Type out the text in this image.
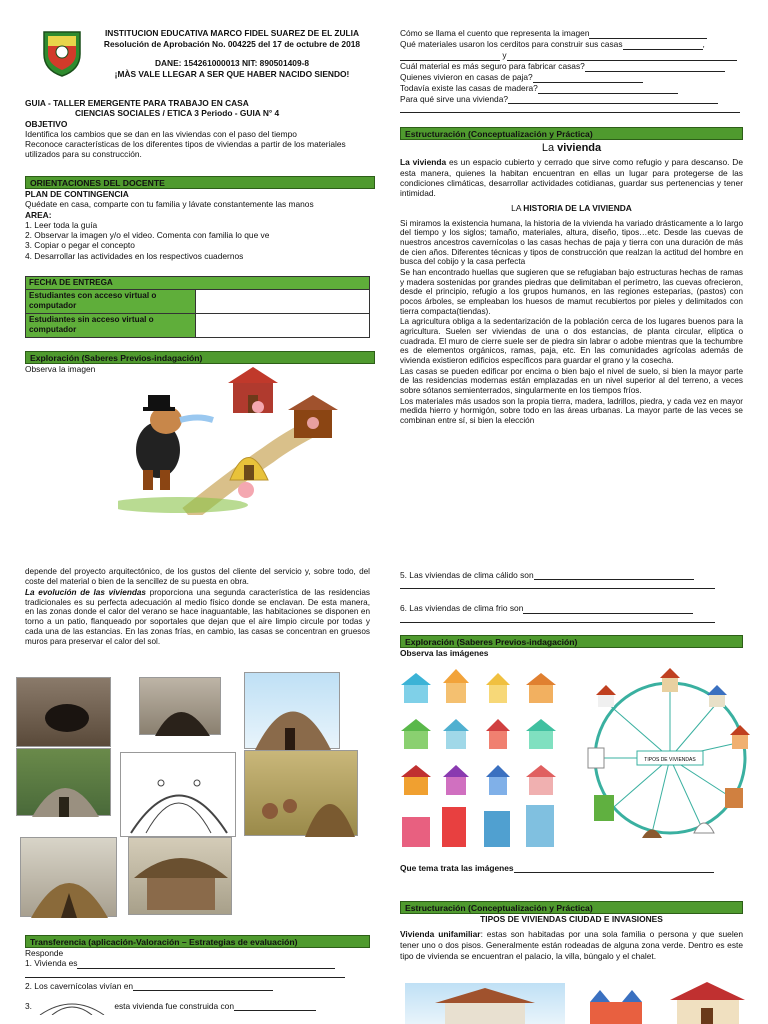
INSTITUCION EDUCATIVA MARCO FIDEL SUAREZ DE EL ZULIA
Resolución de Aprobación No. 004225 del 17 de octubre de 2018
DANE: 154261000013 NIT: 890501409-8
¡MÀS VALE LLEGAR A SER QUE HABER NACIDO SIENDO!
GUIA - TALLER EMERGENTE PARA TRABAJO EN CASA
CIENCIAS SOCIALES / ETICA 3 Periodo - GUIA N° 4
OBJETIVO
Identifica los cambios que se dan en las viviendas con el paso del tiempo
Reconoce características de los diferentes tipos de viviendas a partir de los materiales utilizados para su construcción.
ORIENTACIONES DEL DOCENTE
PLAN DE CONTINGENCIA
Quédate en casa, comparte con tu familia y lávate constantemente las manos
AREA:
1. Leer toda la guía
2. Observar la imagen y/o el video. Comenta con familia lo que ve
3. Copiar o pegar el concepto
4. Desarrollar las actividades en los respectivos cuadernos
FECHA DE ENTREGA	
Estudiantes con acceso virtual o computador	
Estudiantes sin acceso virtual o computador	
Exploración (Saberes Previos-indagación)
Observa la imagen
Cómo se llama el cuento que representa la imagen
Qué materiales usaron los cerditos para construir sus casas	,
y
Cuál material es más seguro para fabricar casas?
Quienes vivieron en casas de paja?
Todavía existe las casas de madera?
Para qué sirve una vivienda?
Estructuración (Conceptualización y Práctica)
La vivienda
La vivienda es un espacio cubierto y cerrado que sirve como refugio y para descanso. De esta manera, quienes la habitan encuentran en ellas un lugar para protegerse de las condiciones climáticas, desarrollar actividades cotidianas, guardar sus pertenencias y tener intimidad.
LA HISTORIA DE LA VIVIENDA

Si miramos la existencia humana, la historia de la vivienda ha variado drásticamente a lo largo del tiempo y los siglos; tamaño, materiales, altura, diseño, tipos…etc. Desde las cuevas de nuestros ancestros cavernícolas o las casas hechas de paja y tierra con una duración de más de cien años. Diferentes técnicas y tipos de construcción que realzan la actitud del hombre en busca del cobijo y la casa perfecta

Se han encontrado huellas que sugieren que se refugiaban bajo estructuras hechas de ramas y madera sostenidas por grandes piedras que delimitaban el perímetro, las cuevas ofrecieron, desde el principio, refugio a los grupos humanos, en las regiones esteparias, (pastos) con pocos árboles, se empleaban los huesos de mamut recubiertos por pieles y delimitados con tierra compacta(tiendas).

La agricultura obliga a la sedentarización de la población cerca de los lugares buenos para la agricultura. Suelen ser viviendas de una o dos estancias, de planta circular, elíptica o cuadrada. El muro de cierre suele ser de piedra sin labrar o adobe mientras que la techumbre es de elementos orgánicos, ramas, paja, etc. En las comunidades agrícolas además de vivienda existieron edificios específicos para guardar el grano y la cosecha.

Las casas se pueden edificar por encima o bien bajo el nivel de suelo, si bien la mayor parte de las residencias modernas están emplazadas en un nivel superior al del terreno, a veces sobre sótanos semienterrados, singularmente en los tiempos fríos.

Los materiales más usados son la propia tierra, madera, ladrillos, piedra, y cada vez en mayor medida hierro y hormigón, sobre todo en las áreas urbanas. La mayor parte de las veces se combinan entre sí, si bien la elección

depende del proyecto arquitectónico, de los gustos del cliente del servicio y, sobre todo, del coste del material o bien de la sencillez de su puesta en obra.

La evolución de las viviendas proporciona una segunda característica de las residencias tradicionales es su perfecta adecuación al medio físico donde se enclavan. De esta manera, en las zonas donde el calor del verano se hace inaguantable, las habitaciones se disponen en torno a un patio, flanqueado por soportales que dejan que el aire limpio circule por todas y cada una de las estancias. En las zonas frías, en cambio, las casas se concentran en gruesos muros para preservar el calor del sol.

Transferencia (aplicación-Valoración – Estrategias de evaluación)
Responde
1. Vivienda es
2. Los cavernícolas vivían en
3.	esta vivienda fue construida con
5. Las viviendas de clima cálido son
6. Las viviendas de clima frio son
Exploración (Saberes Previos-indagación)
Observa las imágenes
TIPOS DE VIVIENDAS
Que tema trata las imágenes
Estructuración (Conceptualización y Práctica)
TIPOS DE VIVIENDAS CIUDAD E INVASIONES
Vivienda unifamiliar: estas son habitadas por una sola familia o persona y que suelen tener uno o dos pisos. Generalmente están rodeadas de alguna zona verde. Dentro es este tipo de vivienda se encuentran el palacio, la villa, búngalo y el chalet.
